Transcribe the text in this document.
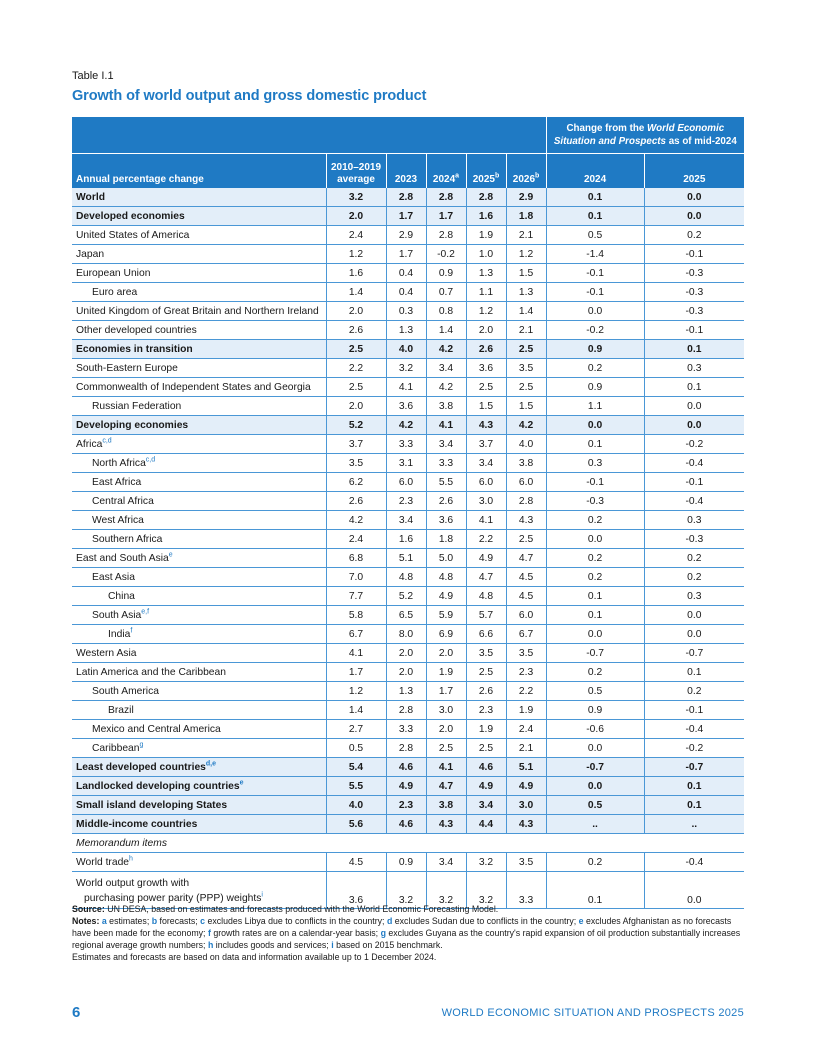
Table I.1
Growth of world output and gross domestic product
						Change from the World Economic Situation and Prospects as of mid-2024	
Annual percentage change	2010–2019
average	2023	2024$^a$	2025$^b$	2026$^b$	2024	2025
World	3.2	2.8	2.8	2.8	2.9	0.1	0.0
Developed economies	2.0	1.7	1.7	1.6	1.8	0.1	0.0
United States of America	2.4	2.9	2.8	1.9	2.1	0.5	0.2
Japan	1.2	1.7	-0.2	1.0	1.2	-1.4	-0.1
European Union	1.6	0.4	0.9	1.3	1.5	-0.1	-0.3
Euro area	1.4	0.4	0.7	1.1	1.3	-0.1	-0.3
United Kingdom of Great Britain and Northern Ireland	2.0	0.3	0.8	1.2	1.4	0.0	-0.3
Other developed countries	2.6	1.3	1.4	2.0	2.1	-0.2	-0.1
Economies in transition	2.5	4.0	4.2	2.6	2.5	0.9	0.1
South-Eastern Europe	2.2	3.2	3.4	3.6	3.5	0.2	0.3
Commonwealth of Independent States and Georgia	2.5	4.1	4.2	2.5	2.5	0.9	0.1
Russian Federation	2.0	3.6	3.8	1.5	1.5	1.1	0.0
Developing economies	5.2	4.2	4.1	4.3	4.2	0.0	0.0
Africa$^{c,d}$	3.7	3.3	3.4	3.7	4.0	0.1	-0.2
North Africa$^{c,d}$	3.5	3.1	3.3	3.4	3.8	0.3	-0.4
East Africa	6.2	6.0	5.5	6.0	6.0	-0.1	-0.1
Central Africa	2.6	2.3	2.6	3.0	2.8	-0.3	-0.4
West Africa	4.2	3.4	3.6	4.1	4.3	0.2	0.3
Southern Africa	2.4	1.6	1.8	2.2	2.5	0.0	-0.3
East and South Asia$^e$	6.8	5.1	5.0	4.9	4.7	0.2	0.2
East Asia	7.0	4.8	4.8	4.7	4.5	0.2	0.2
China	7.7	5.2	4.9	4.8	4.5	0.1	0.3
South Asia$^{e,f}$	5.8	6.5	5.9	5.7	6.0	0.1	0.0
India$^f$	6.7	8.0	6.9	6.6	6.7	0.0	0.0
Western Asia	4.1	2.0	2.0	3.5	3.5	-0.7	-0.7
Latin America and the Caribbean	1.7	2.0	1.9	2.5	2.3	0.2	0.1
South America	1.2	1.3	1.7	2.6	2.2	0.5	0.2
Brazil	1.4	2.8	3.0	2.3	1.9	0.9	-0.1
Mexico and Central America	2.7	3.3	2.0	1.9	2.4	-0.6	-0.4
Caribbean$^g$	0.5	2.8	2.5	2.5	2.1	0.0	-0.2
Least developed countries$^{d,e}$	5.4	4.6	4.1	4.6	5.1	-0.7	-0.7
Landlocked developing countries$^e$	5.5	4.9	4.7	4.9	4.9	0.0	0.1
Small island developing States	4.0	2.3	3.8	3.4	3.0	0.5	0.1
Middle-income countries	5.6	4.6	4.3	4.4	4.3	..	..
Memorandum items							
World trade$^h$	4.5	0.9	3.4	3.2	3.5	0.2	-0.4
World output growth with
purchasing power parity (PPP) weights$^i$	3.6	3.2	3.2	3.2	3.3	0.1	0.0
Source: UN DESA, based on estimates and forecasts produced with the World Economic Forecasting Model.
Notes: a estimates; b forecasts; c excludes Libya due to conflicts in the country; d excludes Sudan due to conflicts in the country; e excludes Afghanistan as no forecasts have been made for the economy; f growth rates are on a calendar-year basis; g excludes Guyana as the country's rapid expansion of oil production substantially increases regional average growth numbers; h includes goods and services; i based on 2015 benchmark.
Estimates and forecasts are based on data and information available up to 1 December 2024.
6	WORLD ECONOMIC SITUATION AND PROSPECTS 2025
